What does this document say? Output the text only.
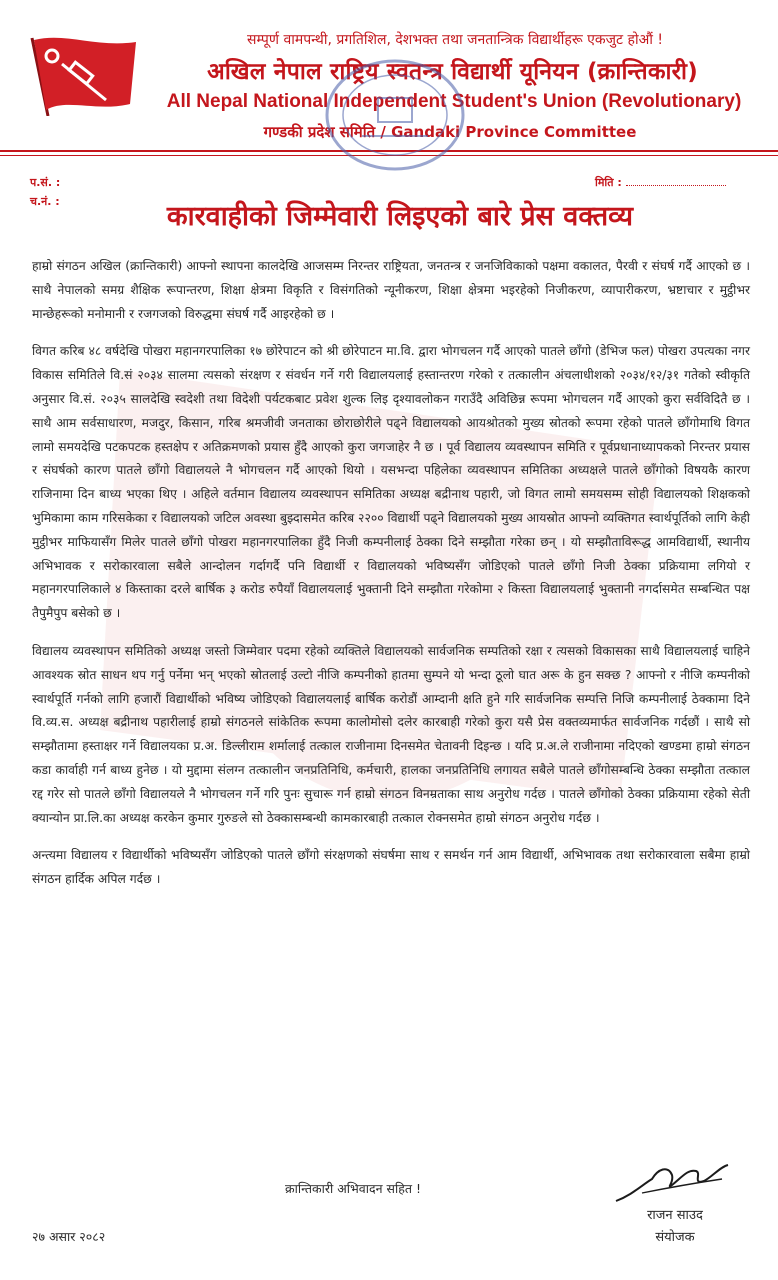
सम्पूर्ण वामपन्थी, प्रगतिशिल, देशभक्त तथा जनतान्त्रिक विद्यार्थीहरू एकजुट होऔं !
अखिल नेपाल राष्ट्रिय स्वतन्त्र विद्यार्थी यूनियन (क्रान्तिकारी)
All Nepal National Independent Student's Union (Revolutionary)
गण्डकी प्रदेश समिति / Gandaki Province Committee
प.सं. :
च.नं. :
मिति :
कारवाहीको जिम्मेवारी लिइएको बारे प्रेस वक्तव्य

हाम्रो संगठन अखिल (क्रान्तिकारी) आफ्नो स्थापना कालदेखि आजसम्म निरन्तर राष्ट्रियता, जनतन्त्र र जनजिविकाको पक्षमा वकालत, पैरवी र संघर्ष गर्दै आएको छ । साथै नेपालको समग्र शैक्षिक रूपान्तरण, शिक्षा क्षेत्रमा विकृति र विसंगतिको न्यूनीकरण, शिक्षा क्षेत्रमा भइरहेको निजीकरण, व्यापारीकरण, भ्रष्टाचार र मुट्ठीभर मान्छेहरूको मनोमानी र रजगजको विरुद्धमा संघर्ष गर्दै आइरहेको छ ।

विगत करिब ४८ वर्षदेखि पोखरा महानगरपालिका १७ छोरेपाटन को श्री छोरेपाटन मा.वि. द्वारा भोगचलन गर्दै आएको पातले छाँगो (डेभिज फल) पोखरा उपत्यका नगर विकास समितिले वि.सं २०३४ सालमा त्यसको संरक्षण र संवर्धन गर्ने गरी विद्यालयलाई हस्तान्तरण गरेको र तत्कालीन अंचलाधीशको २०३४/१२/३१ गतेको स्वीकृति अनुसार वि.सं. २०३५ सालदेखि स्वदेशी तथा विदेशी पर्यटकबाट प्रवेश शुल्क लिइ दृश्यावलोकन गराउँदै अविछिन्न रूपमा भोगचलन गर्दै आएको कुरा सर्वविदितै छ । साथै आम सर्वसाधारण, मजदुर, किसान, गरिब श्रमजीवी जनताका छोराछोरीले पढ्ने विद्यालयको आयश्रोतको मुख्य स्रोतको रूपमा रहेको पातले छाँगोमाथि विगत लामो समयदेखि पटकपटक हस्तक्षेप र अतिक्रमणको प्रयास हुँदै आएको कुरा जगजाहेर नै छ । पूर्व विद्यालय व्यवस्थापन समिति र पूर्वप्रधानाध्यापकको निरन्तर प्रयास र संघर्षको कारण पातले छाँगो विद्यालयले नै भोगचलन गर्दै आएको थियो । यसभन्दा पहिलेका व्यवस्थापन समितिका अध्यक्षले पातले छाँगोको विषयकै कारण राजिनामा दिन बाध्य भएका थिए । अहिले वर्तमान विद्यालय व्यवस्थापन समितिका अध्यक्ष बद्रीनाथ पहारी, जो विगत लामो समयसम्म सोही विद्यालयको शिक्षकको भुमिकामा काम गरिसकेका र विद्यालयको जटिल अवस्था बुझ्दासमेत करिब २२०० विद्यार्थी पढ्ने विद्यालयको मुख्य आयस्रोत आफ्नो व्यक्तिगत स्वार्थपूर्तिको लागि केही मुट्ठीभर माफियासँग मिलेर पातले छाँगो पोखरा महानगरपालिका हुँदै निजी कम्पनीलाई ठेक्का दिने सम्झौता गरेका छन् । यो सम्झौताविरूद्ध आमविद्यार्थी, स्थानीय अभिभावक र सरोकारवाला सबैले आन्दोलन गर्दागर्दै पनि विद्यार्थी र विद्यालयको भविष्यसँग जोडिएको पातले छाँगो निजी ठेक्का प्रक्रियामा लगियो र महानगरपालिकाले ४ किस्ताका दरले बार्षिक ३ करोड रुपैयाँ विद्यालयलाई भुक्तानी दिने सम्झौता गरेकोमा २ किस्ता विद्यालयलाई भुक्तानी नगर्दासमेत सम्बन्धित पक्ष तैपुमैपुप बसेको छ ।

विद्यालय व्यवस्थापन समितिको अध्यक्ष जस्तो जिम्मेवार पदमा रहेको व्यक्तिले विद्यालयको सार्वजनिक सम्पतिको रक्षा र त्यसको विकासका साथै विद्यालयलाई चाहिने आवश्यक स्रोत साधन थप गर्नु पर्नेमा भन् भएको स्रोतलाई उल्टो नीजि कम्पनीको हातमा सुम्पने यो भन्दा ठूलो घात अरू के हुन सक्छ ? आफ्नो र नीजि कम्पनीको स्वार्थपूर्ति गर्नको लागि हजारौं विद्यार्थीको भविष्य जोडिएको विद्यालयलाई बार्षिक करोडौं आम्दानी क्षति हुने गरि सार्वजनिक सम्पत्ति निजि कम्पनीलाई ठेक्कामा दिने वि.व्य.स. अध्यक्ष बद्रीनाथ पहारीलाई हाम्रो संगठनले सांकेतिक रूपमा कालोमोसो दलेर कारबाही गरेको कुरा यसै प्रेस वक्तव्यमार्फत सार्वजनिक गर्दछौं । साथै सो सम्झौतामा हस्ताक्षर गर्ने विद्यालयका प्र.अ. डिल्लीराम शर्मालाई तत्काल राजीनामा दिनसमेत चेतावनी दिइन्छ । यदि प्र.अ.ले राजीनामा नदिएको खण्डमा हाम्रो संगठन कडा कार्वाही गर्न बाध्य हुनेछ । यो मुद्दामा संलग्न तत्कालीन जनप्रतिनिधि, कर्मचारी, हालका जनप्रतिनिधि लगायत सबैले पातले छाँगोसम्बन्धि ठेक्का सम्झौता तत्काल रद्द गरेर सो पातले छाँगो विद्यालयले नै भोगचलन गर्ने गरि पुनः सुचारू गर्न हाम्रो संगठन विनम्रताका साथ अनुरोध गर्दछ । पातले छाँगोको ठेक्का प्रक्रियामा रहेको सेती क्यान्योन प्रा.लि.का अध्यक्ष करकेन कुमार गुरुङले सो ठेक्कासम्बन्धी कामकारबाही तत्काल रोक्नसमेत हाम्रो संगठन अनुरोध गर्दछ ।

अन्त्यमा विद्यालय र विद्यार्थीको भविष्यसँग जोडिएको पातले छाँगो संरक्षणको संघर्षमा साथ र समर्थन गर्न आम विद्यार्थी, अभिभावक तथा सरोकारवाला सबैमा हाम्रो संगठन हार्दिक अपिल गर्दछ ।

क्रान्तिकारी अभिवादन सहित !
राजन साउद
संयोजक
२७ असार २०८२
